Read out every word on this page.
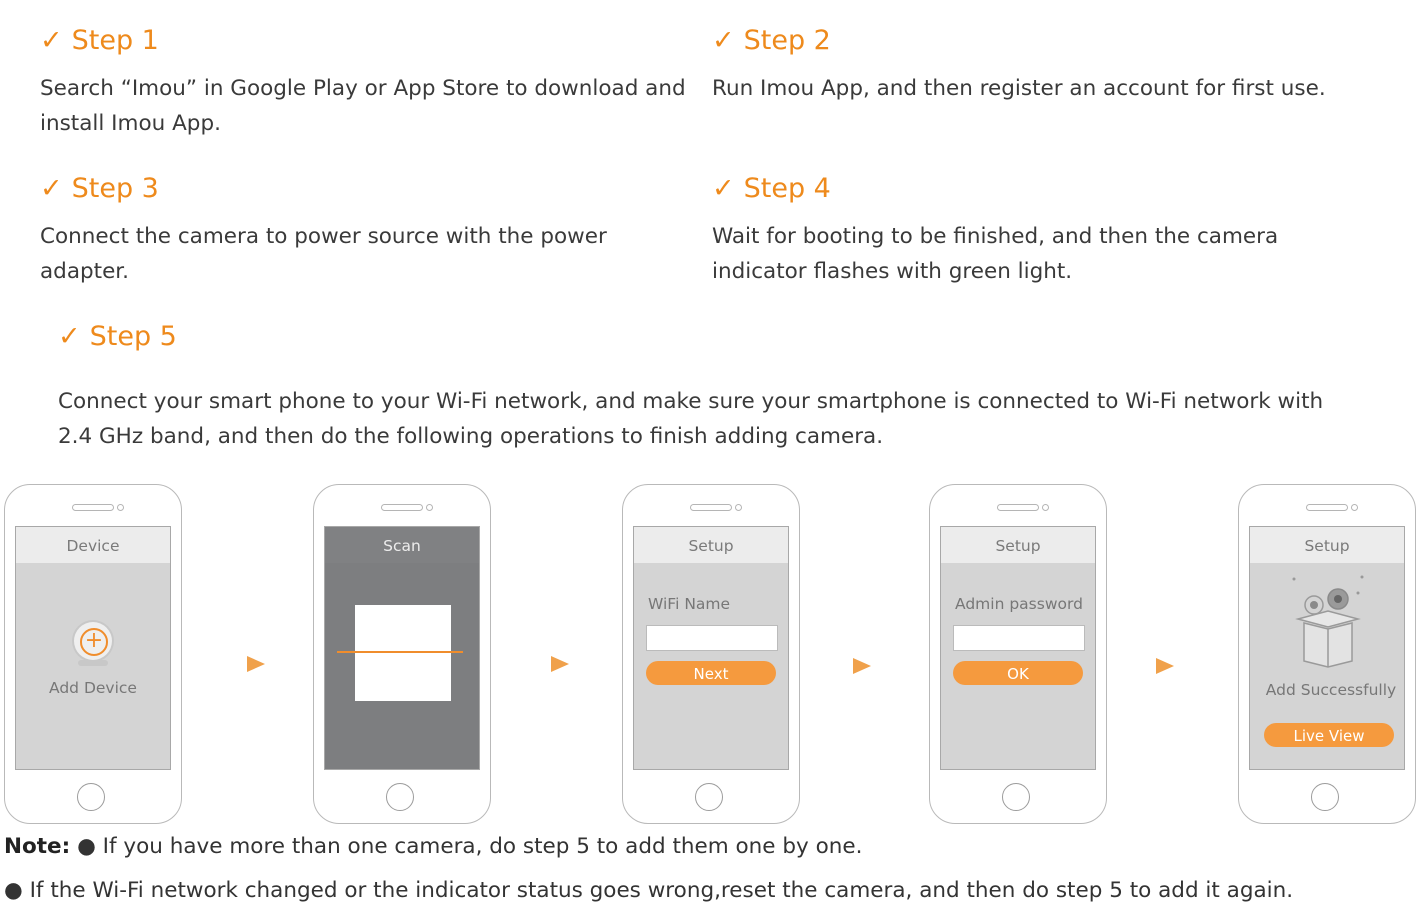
✓ Step 1
Search “Imou” in Google Play or App Store to download and install Imou App.
✓ Step 2
Run Imou App, and then register an account for first use.
✓ Step 3
Connect the camera to power source with the power adapter.
✓ Step 4
Wait for booting to be finished, and then the camera indicator flashes with green light.
✓ Step 5
Connect your smart phone to your Wi-Fi network, and make sure your smartphone is connected to Wi-Fi network with 2.4 GHz band, and then do the following operations to finish adding camera.
Device
+
Add Device
Scan	Setup
WiFi Name
Next
Setup
Admin password
OK
Setup
Add Successfully
Live View
Note: ● If you have more than one camera, do step 5 to add them one by one.
● If the Wi-Fi network changed or the indicator status goes wrong,reset the camera, and then do step 5 to add it again.
